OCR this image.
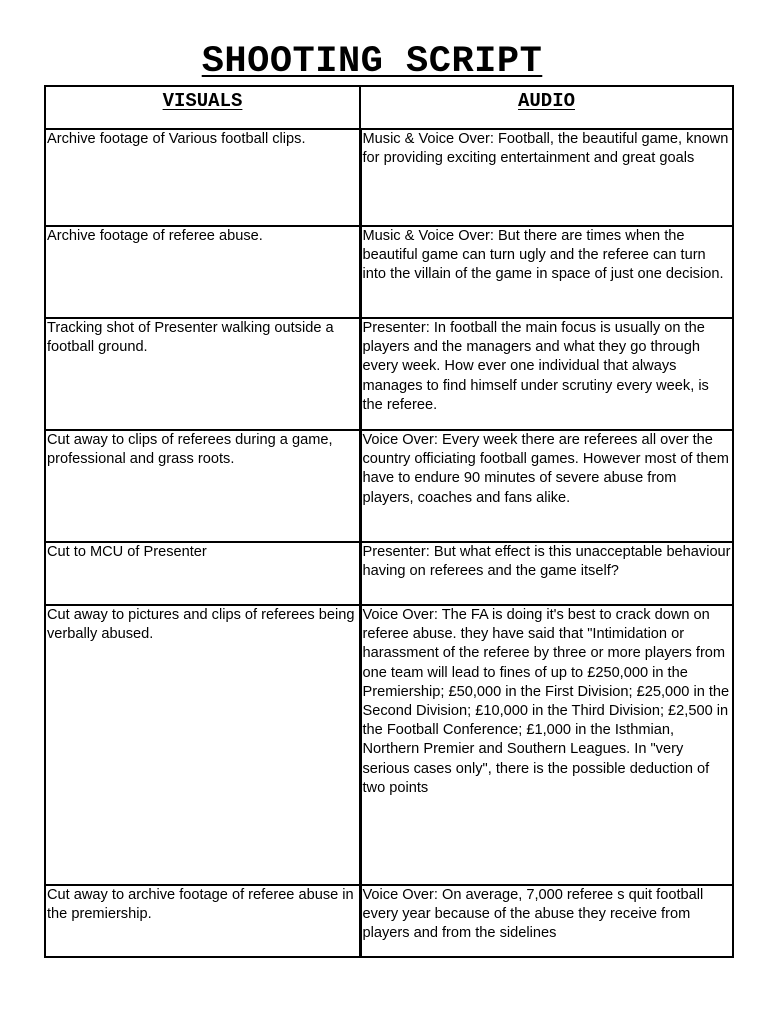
SHOOTING SCRIPT
VISUALS	AUDIO
Archive footage of Various football clips.	Music & Voice Over: Football, the beautiful game, known for providing exciting entertainment and great goals
Archive footage of referee abuse.	Music & Voice Over: But there are times when the beautiful game can turn ugly and the referee can turn into the villain of the game in space of just one decision.
Tracking shot of Presenter walking outside a football ground.	Presenter: In football the main focus is usually on the players and the managers and what they go through every week. How ever one individual that always manages to find himself under scrutiny every week, is the referee.
Cut away to clips of referees during a game, professional and grass roots.	Voice Over: Every week there are referees all over the country officiating football games. However most of them have to endure 90 minutes of severe abuse from players, coaches and fans alike.
Cut to MCU of Presenter	Presenter: But what effect is this unacceptable behaviour having on referees and the game itself?
Cut away to pictures and clips of referees being verbally abused.	Voice Over: The FA is doing it's best to crack down on referee abuse. they have said that "Intimidation or harassment of the referee by three or more players from one team will lead to fines of up to £250,000 in the Premiership; £50,000 in the First Division; £25,000 in the Second Division; £10,000 in the Third Division; £2,500 in the Football Conference; £1,000 in the Isthmian, Northern Premier and Southern Leagues. In "very serious cases only", there is the possible deduction of two points
Cut away to archive footage of referee abuse in the premiership.	Voice Over: On average, 7,000 referee s quit football every year because of the abuse they receive from players and from the sidelines
